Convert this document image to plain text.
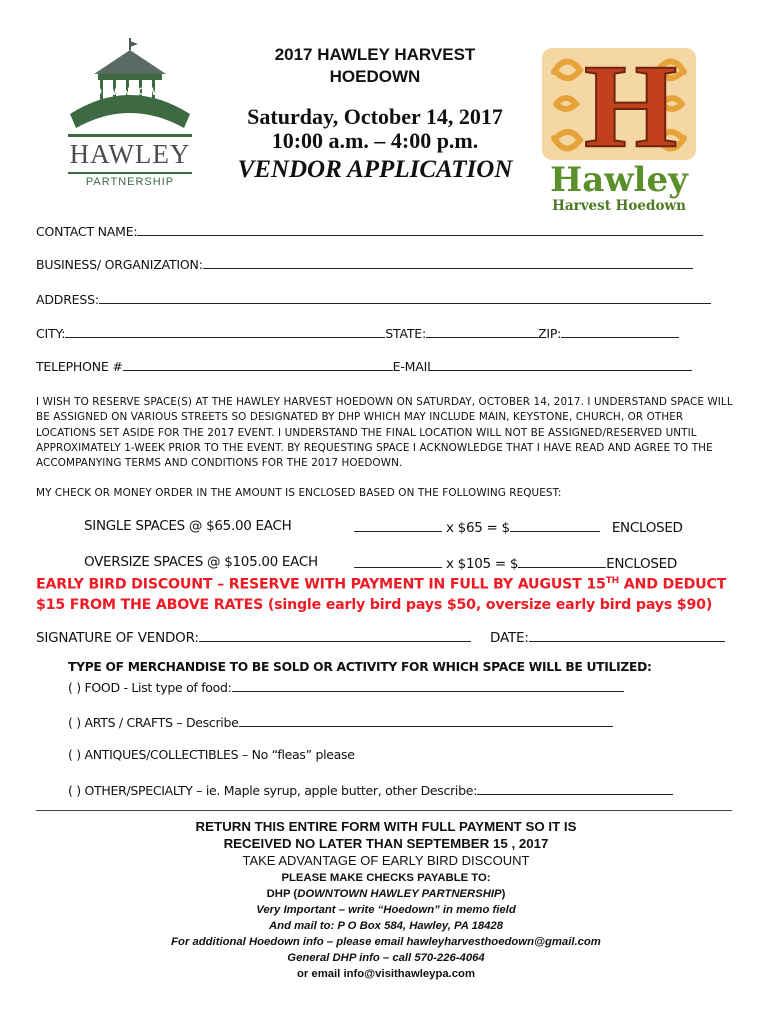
DOWNTOWN
HAWLEY
PARTNERSHIP
H
Hawley
Harvest Hoedown
2017 HAWLEY HARVEST
HOEDOWN
Saturday, October 14, 2017
10:00 a.m. – 4:00 p.m.
VENDOR APPLICATION
CONTACT NAME:
BUSINESS/ ORGANIZATION:
ADDRESS:
CITY:	STATE:	ZIP:
TELEPHONE #	E-MAIL
I WISH TO RESERVE SPACE(S) AT THE HAWLEY HARVEST HOEDOWN ON SATURDAY, OCTOBER 14, 2017. I UNDERSTAND SPACE WILL BE ASSIGNED ON VARIOUS STREETS SO DESIGNATED BY DHP WHICH MAY INCLUDE MAIN, KEYSTONE, CHURCH, OR OTHER LOCATIONS SET ASIDE FOR THE 2017 EVENT. I UNDERSTAND THE FINAL LOCATION WILL NOT BE ASSIGNED/RESERVED UNTIL APPROXIMATELY 1-WEEK PRIOR TO THE EVENT. BY REQUESTING SPACE I ACKNOWLEDGE THAT I HAVE READ AND AGREE TO THE ACCOMPANYING TERMS AND CONDITIONS FOR THE 2017 HOEDOWN.
MY CHECK OR MONEY ORDER IN THE AMOUNT IS ENCLOSED BASED ON THE FOLLOWING REQUEST:
SINGLE SPACES @ $65.00 EACH	x $65 = $	ENCLOSED
OVERSIZE SPACES @ $105.00 EACH	x $105 = $	ENCLOSED
EARLY BIRD DISCOUNT – RESERVE WITH PAYMENT IN FULL BY AUGUST 15TH AND DEDUCT
$15 FROM THE ABOVE RATES (single early bird pays $50, oversize early bird pays $90)
SIGNATURE OF VENDOR:	DATE:
TYPE OF MERCHANDISE TO BE SOLD OR ACTIVITY FOR WHICH SPACE WILL BE UTILIZED:
( ) FOOD - List type of food:
( ) ARTS / CRAFTS – Describe
( ) ANTIQUES/COLLECTIBLES – No “fleas” please
( ) OTHER/SPECIALTY – ie. Maple syrup, apple butter, other Describe:
RETURN THIS ENTIRE FORM WITH FULL PAYMENT SO IT IS
RECEIVED NO LATER THAN SEPTEMBER 15 , 2017
TAKE ADVANTAGE OF EARLY BIRD DISCOUNT
PLEASE MAKE CHECKS PAYABLE TO:
DHP (DOWNTOWN HAWLEY PARTNERSHIP)
Very Important – write “Hoedown” in memo field
And mail to: P O Box 584, Hawley, PA 18428
For additional Hoedown info – please email hawleyharvesthoedown@gmail.com
General DHP info – call 570-226-4064
or email info@visithawleypa.com
